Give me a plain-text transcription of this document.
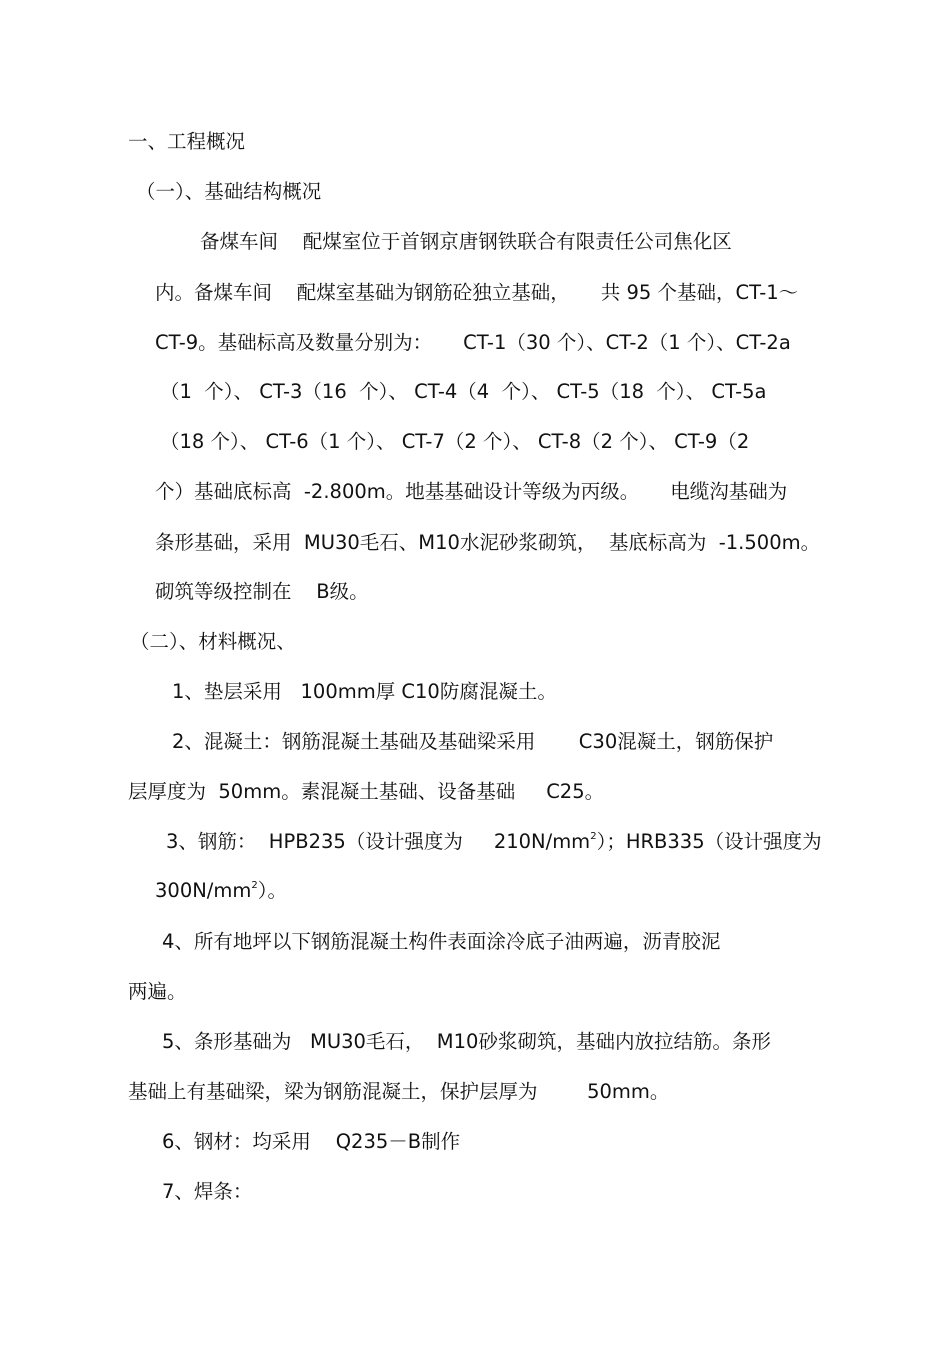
一、工程概况

（一）、基础结构概况

备煤车间    配煤室位于首钢京唐钢铁联合有限责任公司焦化区

内。备煤车间    配煤室基础为钢筋砼独立基础，     共 95 个基础，CT-1～

CT-9。基础标高及数量分别为：     CT-1（30 个）、CT-2（1 个）、CT-2a

（1  个）、 CT-3（16  个）、 CT-4（4  个）、 CT-5（18  个）、 CT-5a

（18 个）、 CT-6（1 个）、 CT-7（2 个）、 CT-8（2 个）、 CT-9（2

个）基础底标高  -2.800m。地基基础设计等级为丙级。     电缆沟基础为

条形基础，采用  MU30毛石、M10水泥砂浆砌筑，  基底标高为  -1.500m。

砌筑等级控制在    B级。

（二）、材料概况、

1、垫层采用   100mm厚 C10防腐混凝土。

2、混凝土：钢筋混凝土基础及基础梁采用       C30混凝土，钢筋保护

层厚度为  50mm。素混凝土基础、设备基础     C25。

3、钢筋：  HPB235（设计强度为     $210N/mm^2$）；HRB335（设计强度为

$300N/mm^2$）。

4、所有地坪以下钢筋混凝土构件表面涂冷底子油两遍，沥青胶泥

两遍。

5、条形基础为   MU30毛石，  M10砂浆砌筑，基础内放拉结筋。条形

基础上有基础梁，梁为钢筋混凝土，保护层厚为        50mm。

6、钢材：均采用    Q235－B制作

7、焊条：
